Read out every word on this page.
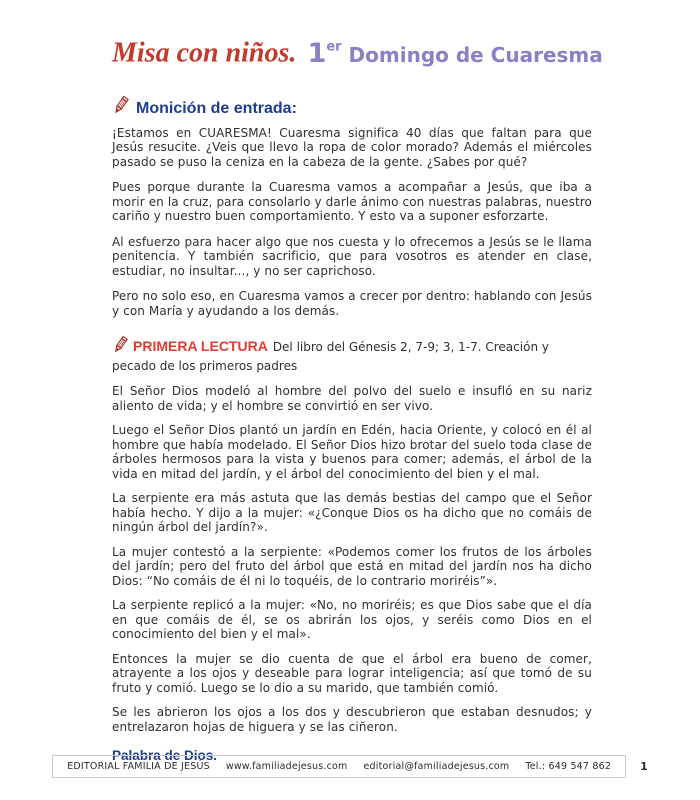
Misa con niños. 1er Domingo de Cuaresma
Monición de entrada:

¡Estamos en CUARESMA! Cuaresma significa 40 días que faltan para que Jesús resucite. ¿Veis que llevo la ropa de color morado? Además el miércoles pasado se puso la ceniza en la cabeza de la gente. ¿Sabes por qué?

Pues porque durante la Cuaresma vamos a acompañar a Jesús, que iba a morir en la cruz, para consolarlo y darle ánimo con nuestras palabras, nuestro cariño y nuestro buen comportamiento. Y esto va a suponer esforzarte.

Al esfuerzo para hacer algo que nos cuesta y lo ofrecemos a Jesús se le llama penitencia. Y también sacrificio, que para vosotros es atender en clase, estudiar, no insultar..., y no ser caprichoso.

Pero no solo eso, en Cuaresma vamos a crecer por dentro: hablando con Jesús y con María y ayudando a los demás.

PRIMERA LECTURA Del libro del Génesis 2, 7-9; 3, 1-7. Creación y pecado de los primeros padres

El Señor Dios modeló al hombre del polvo del suelo e insufló en su nariz aliento de vida; y el hombre se convirtió en ser vivo.

Luego el Señor Dios plantó un jardín en Edén, hacia Oriente, y colocó en él al hombre que había modelado. El Señor Dios hizo brotar del suelo toda clase de árboles hermosos para la vista y buenos para comer; además, el árbol de la vida en mitad del jardín, y el árbol del conocimiento del bien y el mal.

La serpiente era más astuta que las demás bestias del campo que el Señor había hecho. Y dijo a la mujer: «¿Conque Dios os ha dicho que no comáis de ningún árbol del jardín?».

La mujer contestó a la serpiente: «Podemos comer los frutos de los árboles del jardín; pero del fruto del árbol que está en mitad del jardín nos ha dicho Dios: “No comáis de él ni lo toquéis, de lo contrario moriréis”».

La serpiente replicó a la mujer: «No, no moriréis; es que Dios sabe que el día en que comáis de él, se os abrirán los ojos, y seréis como Dios en el conocimiento del bien y el mal».

Entonces la mujer se dio cuenta de que el árbol era bueno de comer, atrayente a los ojos y deseable para lograr inteligencia; así que tomó de su fruto y comió. Luego se lo dio a su marido, que también comió.

Se les abrieron los ojos a los dos y descubrieron que estaban desnudos; y entrelazaron hojas de higuera y se las ciñeron.

Palabra de Dios.

EDITORIAL FAMILIA DE JESÚS www.familiadejesus.com editorial@familiadejesus.com Tel.: 649 547 862	1
